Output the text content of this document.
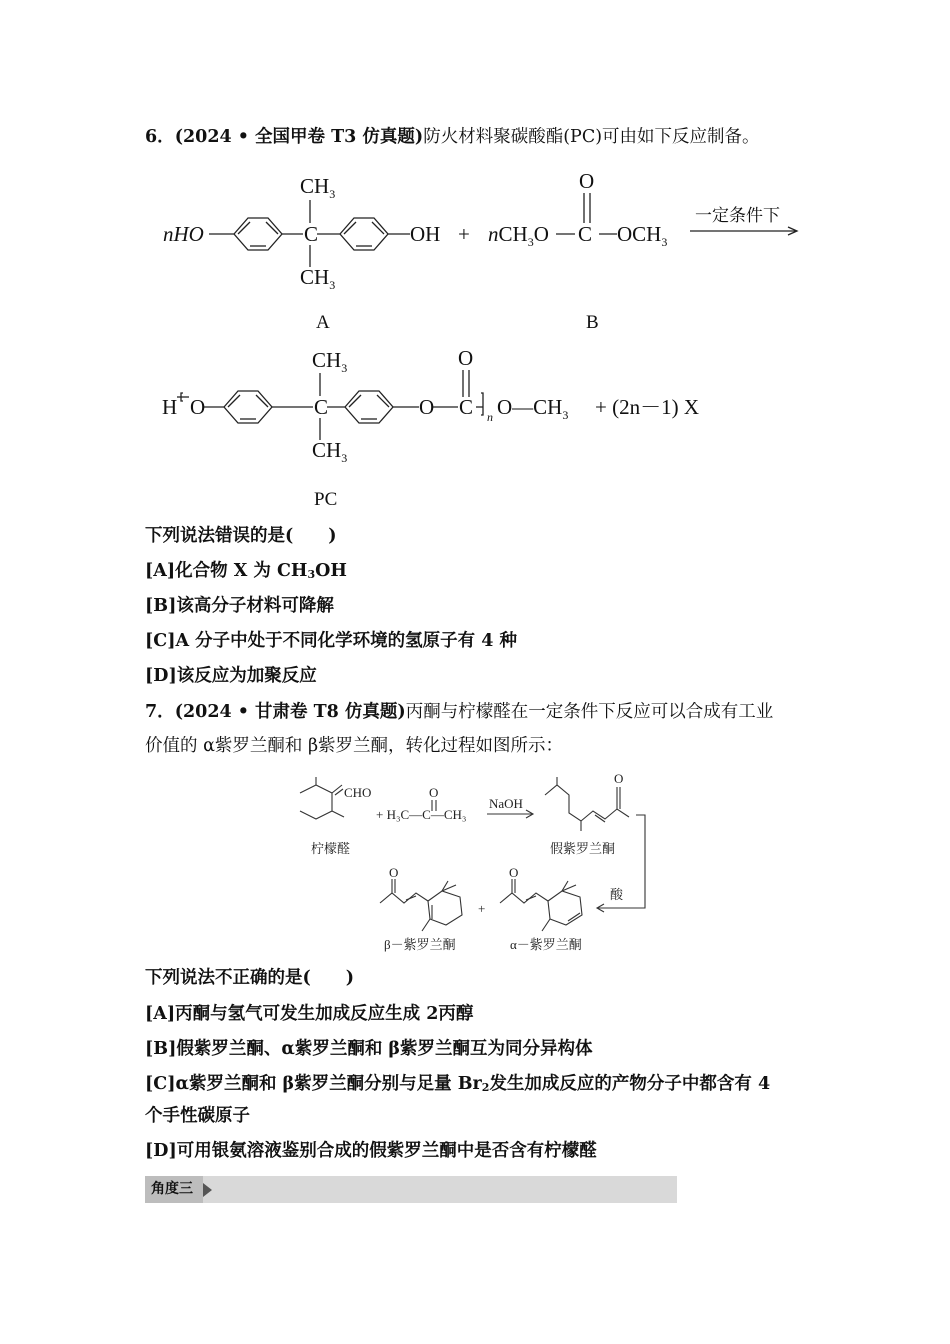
6．(2024 • 全国甲卷 T3 仿真题)防火材料聚碳酸酯(PC)可由如下反应制备。
nHO
$CH_3$
C
$CH_3$
OH + nCH$_3$O
O
C $OCH_3$
一定条件下
A	B
H O
$CH_3$
C
$CH_3$
O
O
C n $O—CH_3 + (2n-1)$ X
PC
下列说法错误的是(　　)
[A]化合物 X 为 CH3OH
[B]该高分子材料可降解
[C]A 分子中处于不同化学环境的氢原子有 4 种
[D]该反应为加聚反应
7．(2024 • 甘肃卷 T8 仿真题)丙酮与柠檬醛在一定条件下反应可以合成有工业
价值的 α紫罗兰酮和 β紫罗兰酮，转化过程如图所示：
CHO
柠檬醛
O
+ H₃C—C—CH₃
NaOH
O
假紫罗兰酮
酸
O
+
O
β－紫罗兰酮	α－紫罗兰酮
下列说法不正确的是(　　)
[A]丙酮与氢气可发生加成反应生成 2丙醇
[B]假紫罗兰酮、α紫罗兰酮和 β紫罗兰酮互为同分异构体
[C]α紫罗兰酮和 β紫罗兰酮分别与足量 Br2发生加成反应的产物分子中都含有 4
个手性碳原子
[D]可用银氨溶液鉴别合成的假紫罗兰酮中是否含有柠檬醛
角度三
